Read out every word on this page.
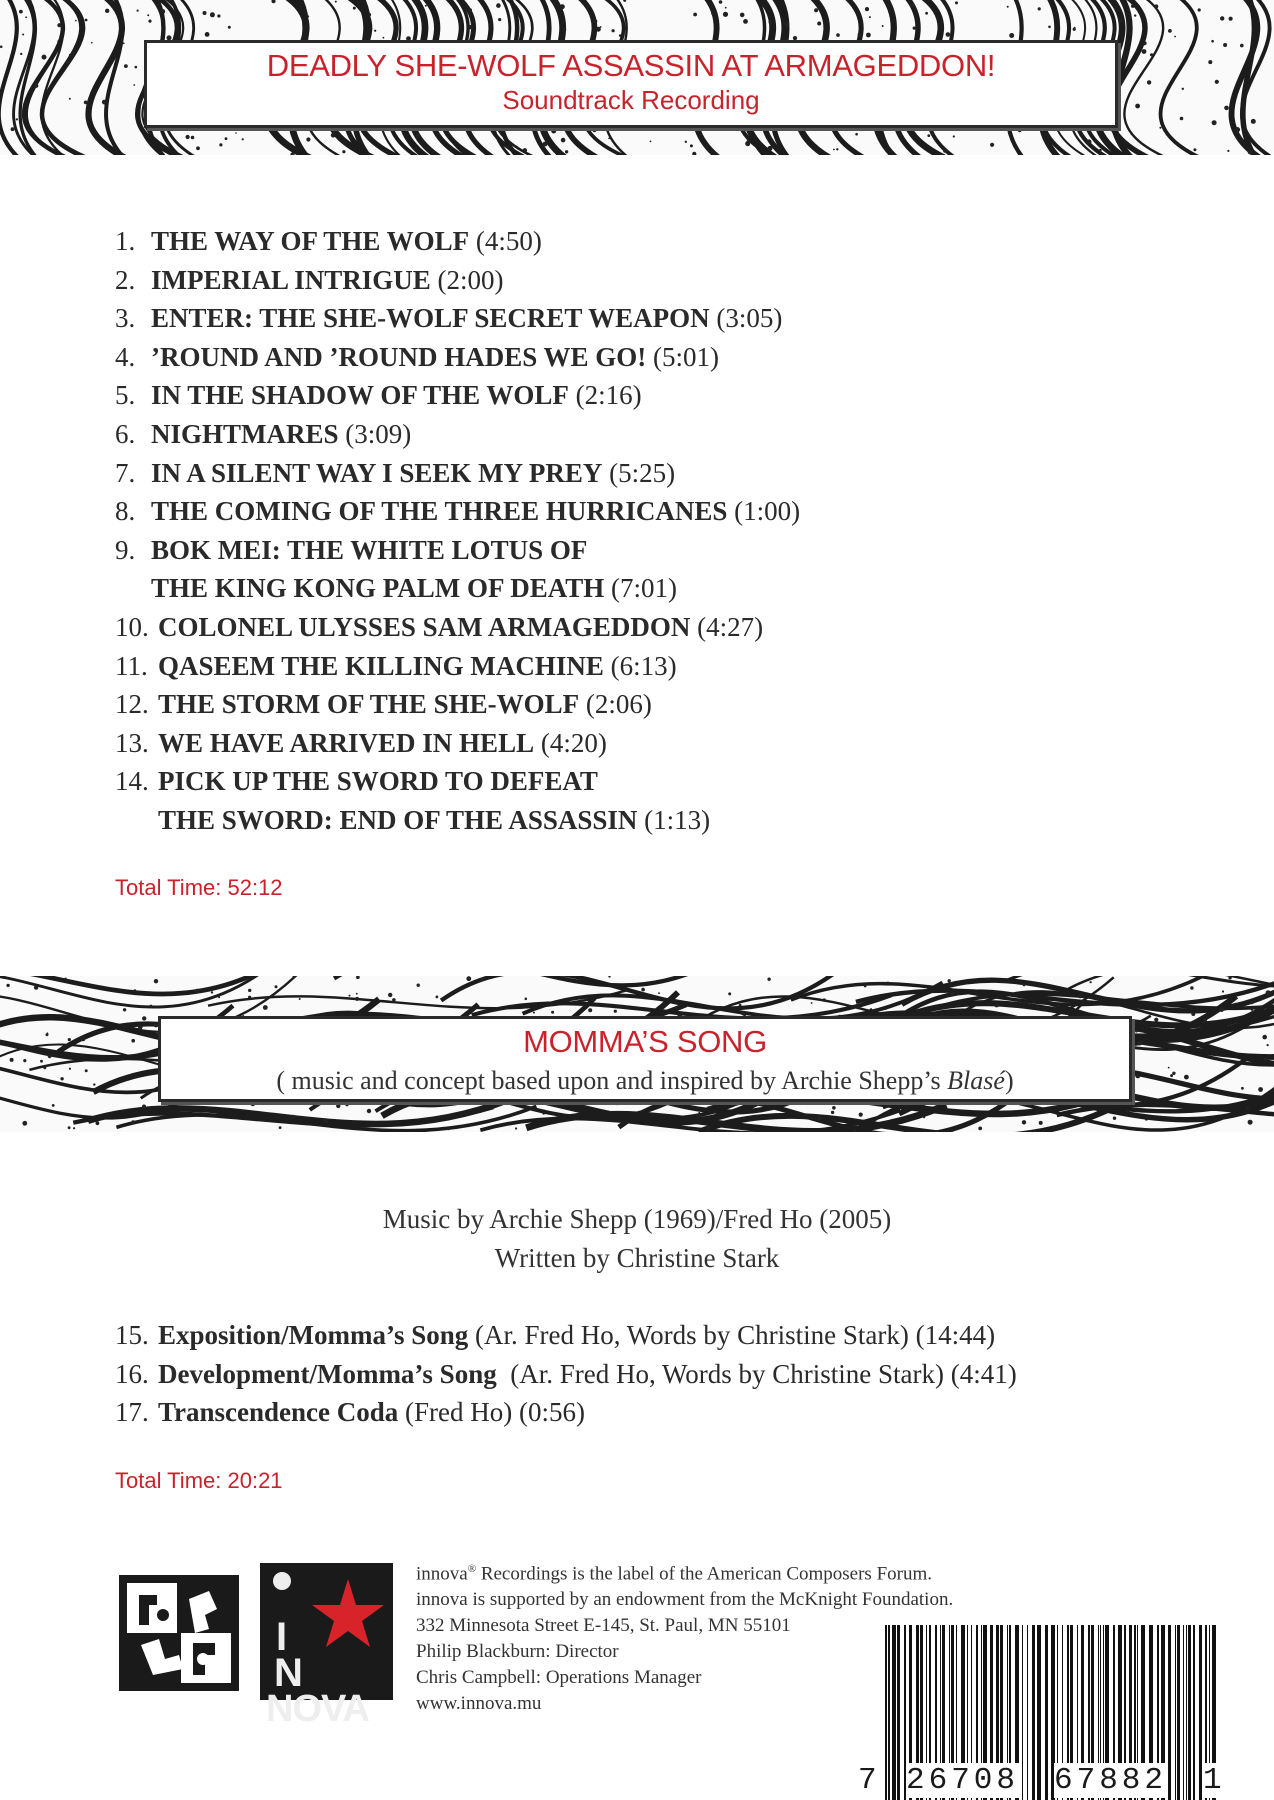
DEADLY SHE-WOLF ASSASSIN AT ARMAGEDDON!
Soundtrack Recording
1. THE WAY OF THE WOLF (4:50)
2. IMPERIAL INTRIGUE (2:00)
3. ENTER: THE SHE-WOLF SECRET WEAPON (3:05)
4. ’ROUND AND ’ROUND HADES WE GO! (5:01)
5. IN THE SHADOW OF THE WOLF (2:16)
6. NIGHTMARES (3:09)
7. IN A SILENT WAY I SEEK MY PREY (5:25)
8. THE COMING OF THE THREE HURRICANES (1:00)
9. BOK MEI: THE WHITE LOTUS OF
THE KING KONG PALM OF DEATH (7:01)
10. COLONEL ULYSSES SAM ARMAGEDDON (4:27)
11. QASEEM THE KILLING MACHINE (6:13)
12. THE STORM OF THE SHE-WOLF (2:06)
13. WE HAVE ARRIVED IN HELL (4:20)
14. PICK UP THE SWORD TO DEFEAT
THE SWORD: END OF THE ASSASSIN (1:13)
Total Time: 52:12
MOMMA’S SONG
( music and concept based upon and inspired by Archie Shepp’s Blasé)
Music by Archie Shepp (1969)/Fred Ho (2005)
Written by Christine Stark
15. Exposition/Momma’s Song (Ar. Fred Ho, Words by Christine Stark) (14:44)
16. Development/Momma’s Song  (Ar. Fred Ho, Words by Christine Stark) (4:41)
17. Transcendence Coda (Fred Ho) (0:56)
Total Time: 20:21
I
N
NOVA
innova® Recordings is the label of the American Composers Forum.
innova is supported by an endowment from the McKnight Foundation.
332 Minnesota Street E-145, St. Paul, MN 55101
Philip Blackburn: Director
Chris Campbell: Operations Manager
www.innova.mu
7 26708 67882 1
